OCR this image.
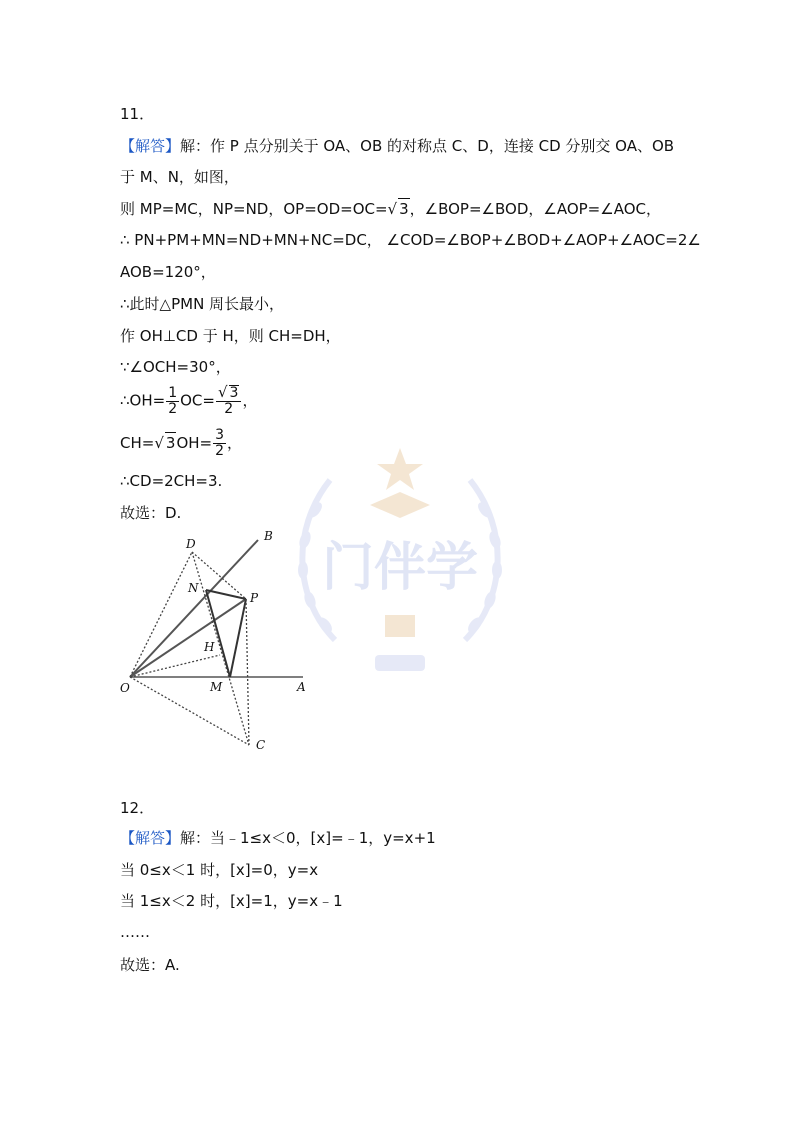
门伴学
11．
【解答】解：作 P 点分别关于 OA、OB 的对称点 C、D，连接 CD 分别交 OA、OB
于 M、N，如图，
则 MP=MC，NP=ND，OP=OD=OC=√ 3，∠BOP=∠BOD，∠AOP=∠AOC，
∴ PN+PM+MN=ND+MN+NC=DC， ∠COD=∠BOP+∠BOD+∠AOP+∠AOC=2∠
AOB=120°，
∴此时△PMN 周长最小，
作 OH⊥CD 于 H，则 CH=DH，
∵∠OCH=30°，
∴OH= $\frac{1}{2} OC= \frac{√ 3}{2}$ ，
CH=√ $3OH= \frac{3}{2}$ ，
∴CD=2CH=3.
故选：D.
B
D
N
P
H
O	M	A
C
12．
【解答】解：当﹣1≤x＜0，[x]=﹣1，y=x+1
当 0≤x＜1 时，[x]=0，y=x
当 1≤x＜2 时，[x]=1，y=x﹣1
……
故选：A.
